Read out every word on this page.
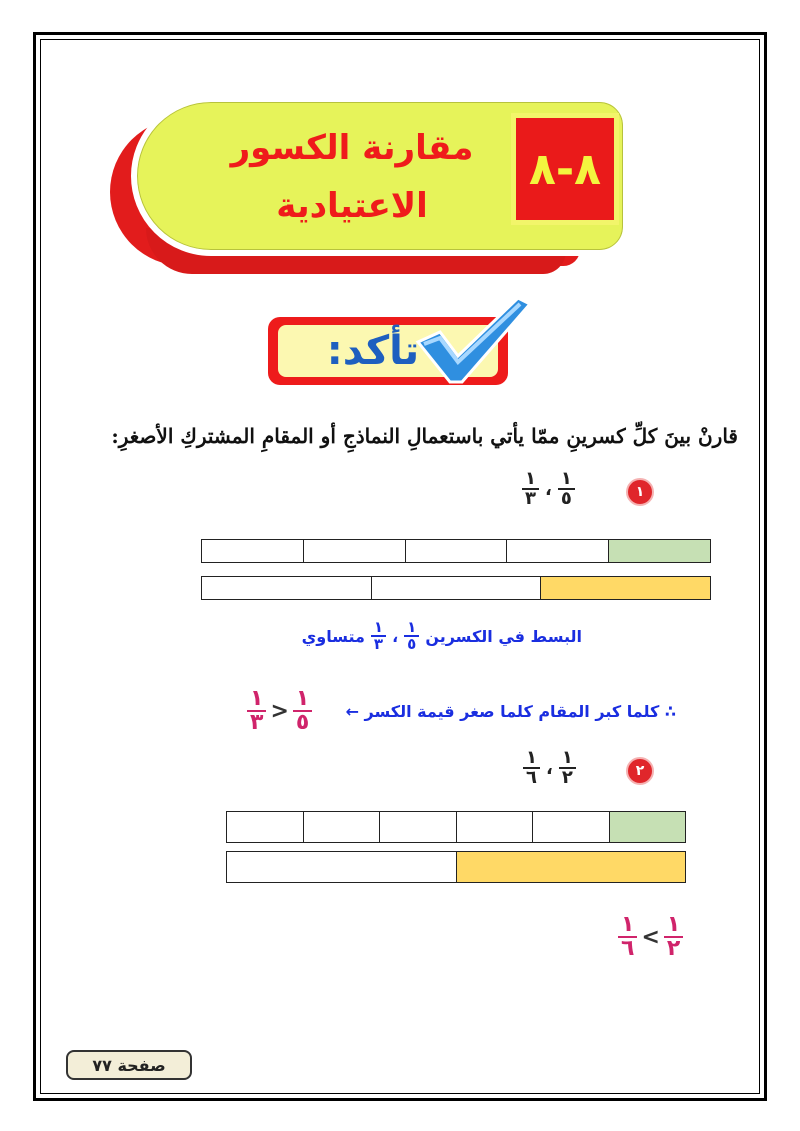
٨-٨
مقارنة الكسور
الاعتيادية
تأكد:
قارنْ بينَ كلِّ كسرينِ ممّا يأتي باستعمالِ النماذجِ أو المقامِ المشتركِ الأصغرِ:
١
$\frac{١}{٥}$
،
$\frac{١}{٣}$
البسط في الكسرين
$\frac{١}{٥}$
،
$\frac{١}{٣}$
متساوي
∴ كلما كبر المقام كلما صغر قيمة الكسر ←
$\frac{١}{٣} > \frac{١}{٥}$
٢
$\frac{١}{٢}$
،
$\frac{١}{٦}$
$\frac{١}{٦} < \frac{١}{٢}$
صفحة ٧٧
